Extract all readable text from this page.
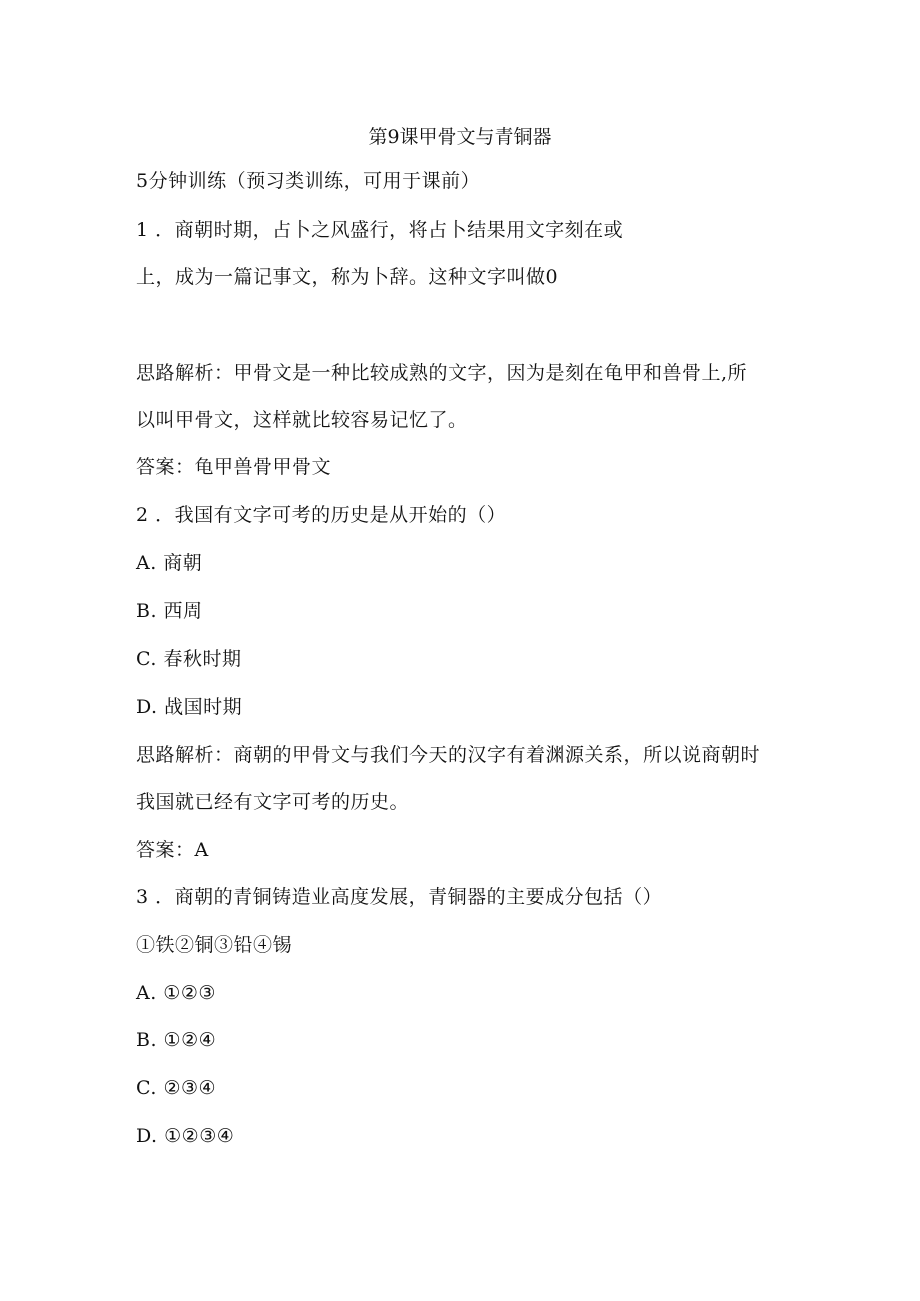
第9课甲骨文与青铜器
5分钟训练（预习类训练，可用于课前）
1 ．商朝时期，占卜之风盛行，将占卜结果用文字刻在或
上，成为一篇记事文，称为卜辞。这种文字叫做0
思路解析：甲骨文是一种比较成熟的文字，因为是刻在龟甲和兽骨上,所
以叫甲骨文，这样就比较容易记忆了。
答案：龟甲兽骨甲骨文
2 ．我国有文字可考的历史是从开始的（）
A. 商朝
B. 西周
C. 春秋时期
D. 战国时期
思路解析：商朝的甲骨文与我们今天的汉字有着渊源关系，所以说商朝时
我国就已经有文字可考的历史。
答案：A
3 ．商朝的青铜铸造业高度发展，青铜器的主要成分包括（）
①铁②铜③铅④锡
A. ①②③
B. ①②④
C. ②③④
D. ①②③④
